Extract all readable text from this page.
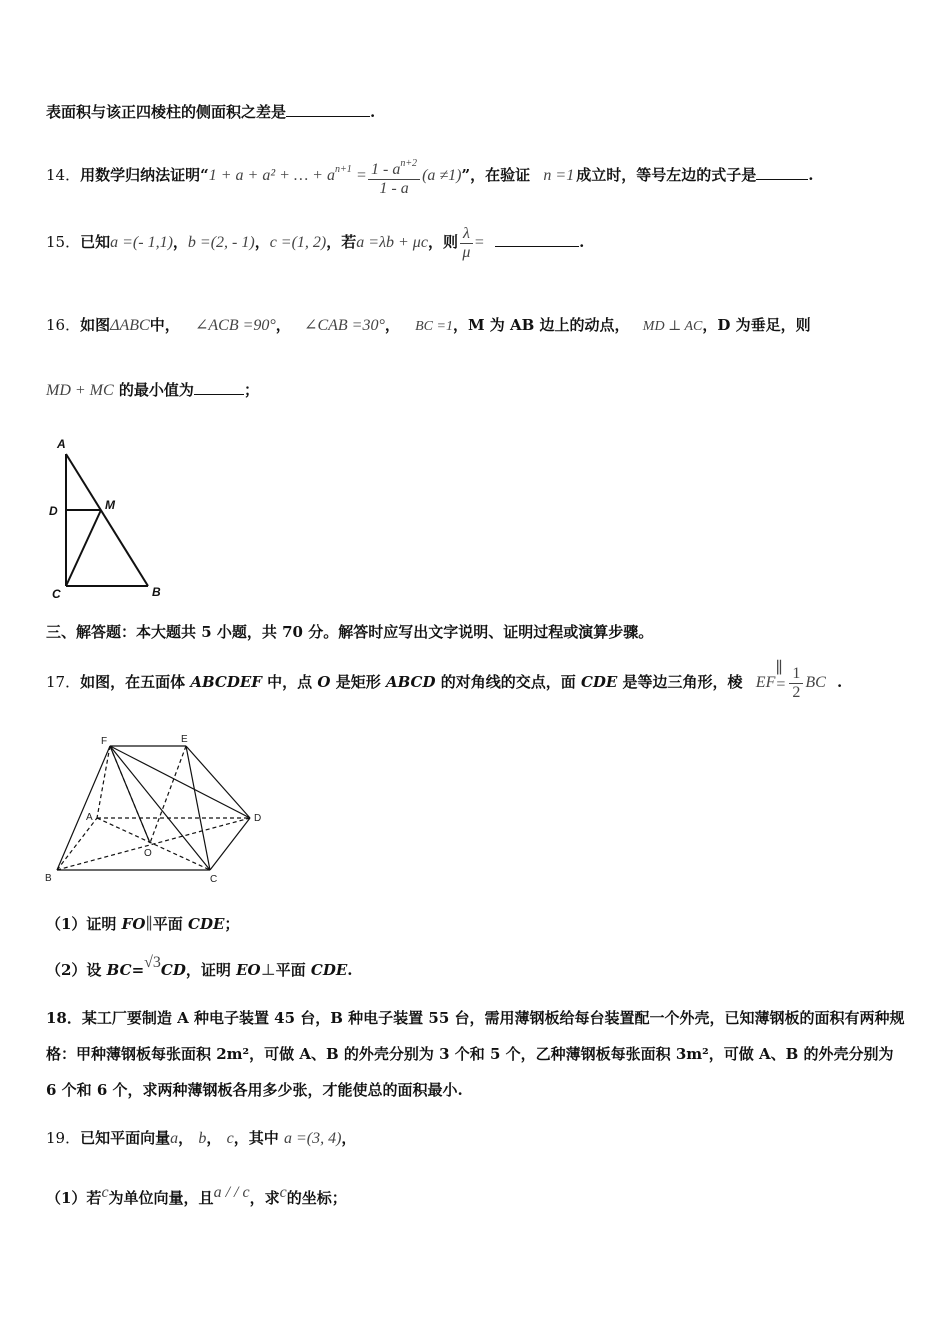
表面积与该正四棱柱的侧面积之差是	.
14．用数学归纳法证明“1 + a + a² + … + $a^{n+1} = \frac{1 - a^{n+2}}{1 - a} (a \ne 1)$”，在验证 n =1 成立时，等号左边的式子是	.
15．已知a =(- 1,1)，b =(2, - 1)，c =(1, 2)，若a =λb + μc，则 $\frac{\lambda}{\mu}$ =	.
16．如图ΔABC中， ∠ACB =90°， ∠CAB =30°， BC =1，M 为 AB 边上的动点， MD ⊥ AC，D 为垂足，则
MD + MC 的最小值为	；
A
D	M
C	B
三、解答题：本大题共 5 小题，共 70 分。解答时应写出文字说明、证明过程或演算步骤。
17．如图，在五面体 ABCDEF 中，点 O 是矩形 ABCD 的对角线的交点，面 CDE 是等边三角形，棱 EF
∥
=
$\frac{1}{2}$ BC .
F	E
A	D
O
B	C
（1）证明 FO∥平面 CDE；
（2）设 BC=√3CD，证明 EO⊥平面 CDE.
18．某工厂要制造 A 种电子装置 45 台，B 种电子装置 55 台，需用薄钢板给每台装置配一个外壳，已知薄钢板的面积有两种规格：甲种薄钢板每张面积 2m²，可做 A、B 的外壳分别为 3 个和 5 个，乙种薄钢板每张面积 3m²，可做 A、B 的外壳分别为 6 个和 6 个，求两种薄钢板各用多少张，才能使总的面积最小.
19．已知平面向量a， b， c，其中 a =(3, 4)，
（1）若c为单位向量，且a / / c，求c的坐标；
